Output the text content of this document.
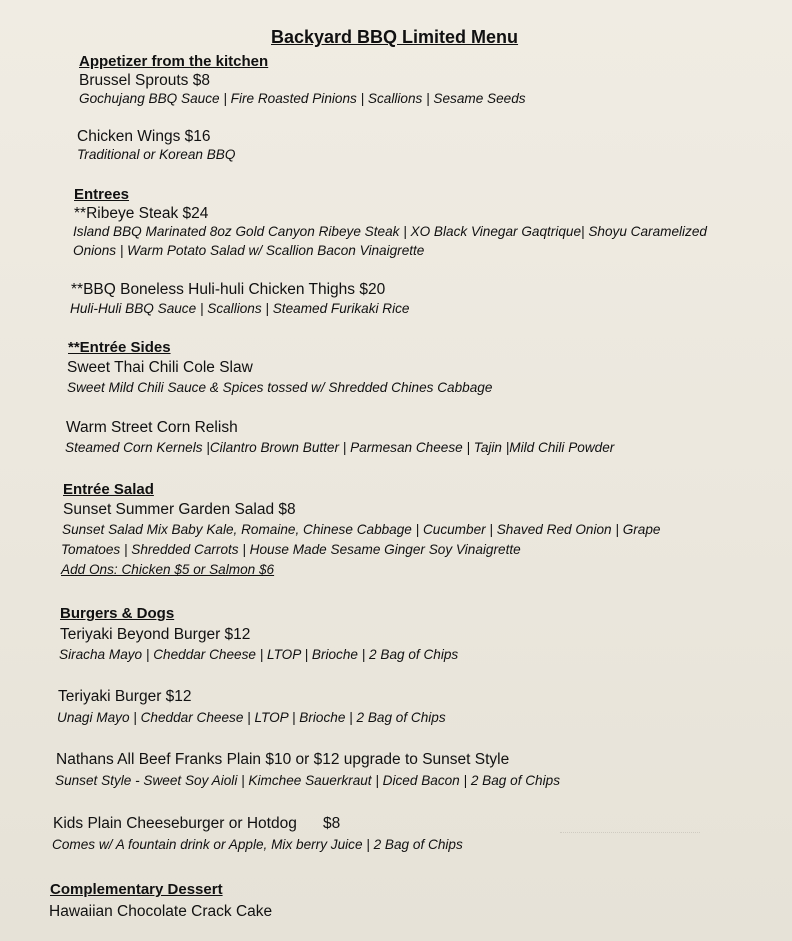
Backyard BBQ Limited Menu
Appetizer from the kitchen
Brussel Sprouts $8
Gochujang BBQ Sauce | Fire Roasted Pinions | Scallions | Sesame Seeds
Chicken Wings $16
Traditional or Korean BBQ
Entrees
**Ribeye Steak $24
Island BBQ Marinated 8oz Gold Canyon Ribeye Steak | XO Black Vinegar Gaqtrique| Shoyu Caramelized
Onions | Warm Potato Salad w/ Scallion Bacon Vinaigrette
**BBQ Boneless Huli-huli Chicken Thighs $20
Huli-Huli BBQ Sauce | Scallions | Steamed Furikaki Rice
**Entrée Sides
Sweet Thai Chili Cole Slaw
Sweet Mild Chili Sauce & Spices tossed w/ Shredded Chines Cabbage
Warm Street Corn Relish
Steamed Corn Kernels |Cilantro Brown Butter | Parmesan Cheese | Tajin |Mild Chili Powder
Entrée Salad
Sunset Summer Garden Salad $8
Sunset Salad Mix Baby Kale, Romaine, Chinese Cabbage | Cucumber | Shaved Red Onion | Grape
Tomatoes | Shredded Carrots | House Made Sesame Ginger Soy Vinaigrette
Add Ons: Chicken $5 or Salmon $6
Burgers & Dogs
Teriyaki Beyond Burger $12
Siracha Mayo | Cheddar Cheese | LTOP | Brioche | 2 Bag of Chips
Teriyaki Burger $12
Unagi Mayo | Cheddar Cheese | LTOP | Brioche | 2 Bag of Chips
Nathans All Beef Franks Plain $10 or $12 upgrade to Sunset Style
Sunset Style - Sweet Soy Aioli | Kimchee Sauerkraut | Diced Bacon | 2 Bag of Chips
Kids Plain Cheeseburger or Hotdog $8
Comes w/ A fountain drink or Apple, Mix berry Juice | 2 Bag of Chips
Complementary Dessert
Hawaiian Chocolate Crack Cake
